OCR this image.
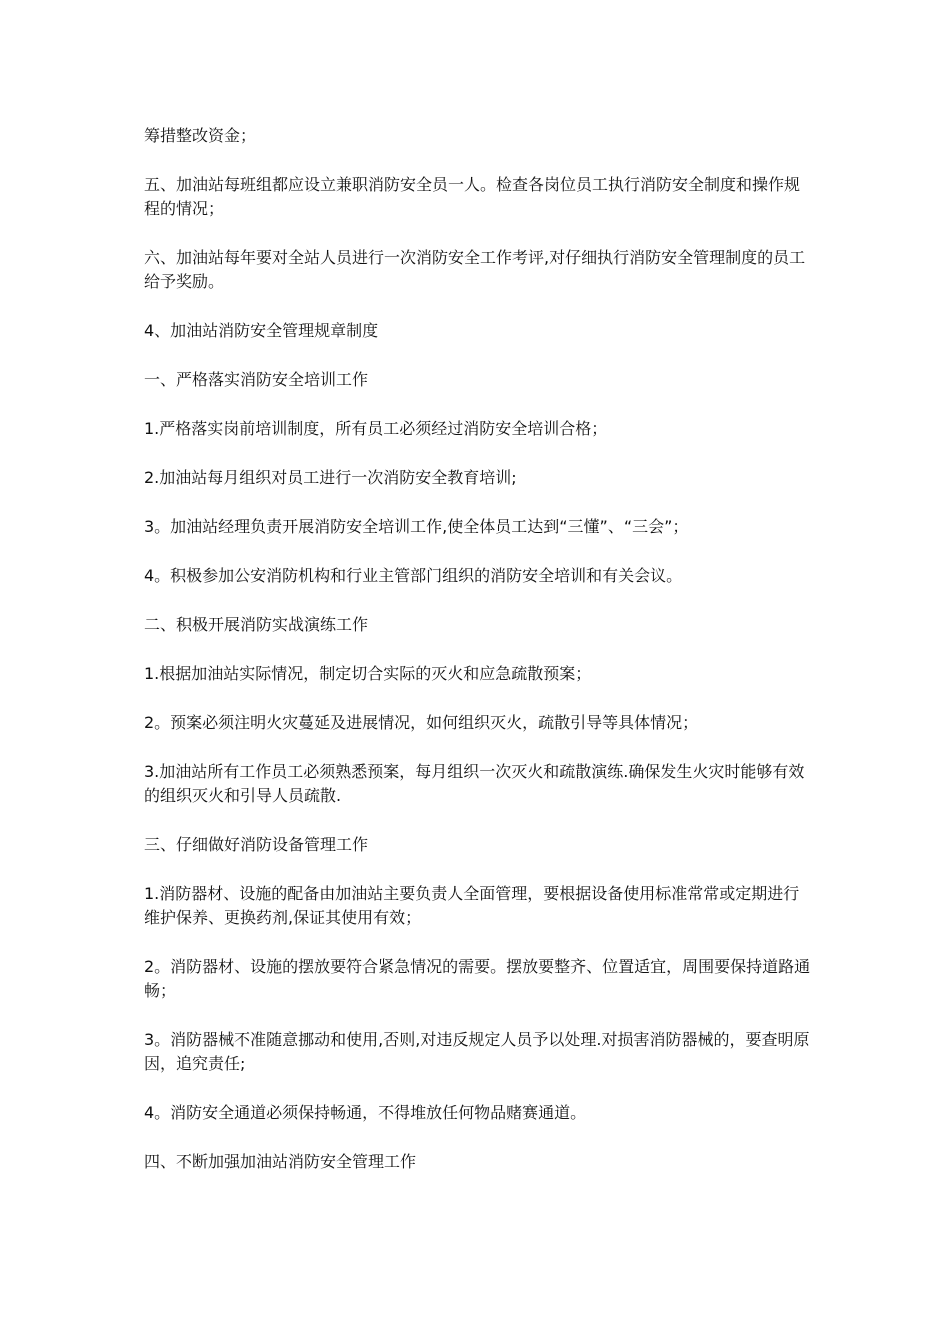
筹措整改资金；

五、加油站每班组都应设立兼职消防安全员一人。检查各岗位员工执行消防安全制度和操作规程的情况；

六、加油站每年要对全站人员进行一次消防安全工作考评,对仔细执行消防安全管理制度的员工给予奖励。

4、加油站消防安全管理规章制度

一、严格落实消防安全培训工作

1.严格落实岗前培训制度，所有员工必须经过消防安全培训合格；

2.加油站每月组织对员工进行一次消防安全教育培训;

3。加油站经理负责开展消防安全培训工作,使全体员工达到“三懂”、“三会”；

4。积极参加公安消防机构和行业主管部门组织的消防安全培训和有关会议。

二、积极开展消防实战演练工作

1.根据加油站实际情况，制定切合实际的灭火和应急疏散预案；

2。预案必须注明火灾蔓延及进展情况，如何组织灭火，疏散引导等具体情况；

3.加油站所有工作员工必须熟悉预案，每月组织一次灭火和疏散演练.确保发生火灾时能够有效的组织灭火和引导人员疏散.

三、仔细做好消防设备管理工作

1.消防器材、设施的配备由加油站主要负责人全面管理，要根据设备使用标准常常或定期进行维护保养、更换药剂,保证其使用有效；

2。消防器材、设施的摆放要符合紧急情况的需要。摆放要整齐、位置适宜，周围要保持道路通畅；

3。消防器械不准随意挪动和使用,否则,对违反规定人员予以处理.对损害消防器械的，要查明原因，追究责任;

4。消防安全通道必须保持畅通，不得堆放任何物品赌赛通道。

四、不断加强加油站消防安全管理工作
